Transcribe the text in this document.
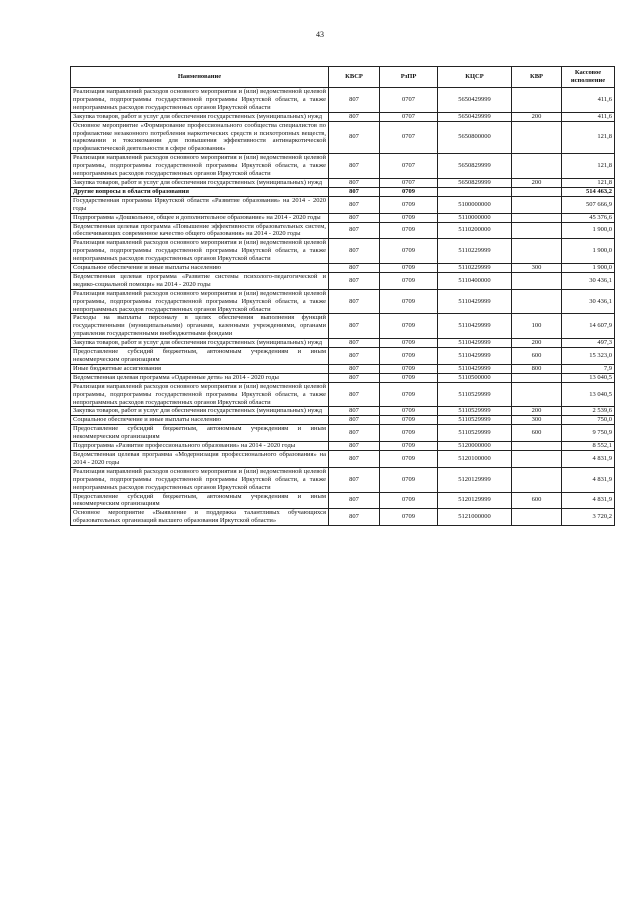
43
Наименование	КВСР	РзПР	КЦСР	КВР	Кассовое исполнение
Реализация направлений расходов основного мероприятия и (или) ведомственной целевой программы, подпрограммы государственной программы Иркутской области, а также непрограммных расходов государственных органов Иркутской области	807	0707	5650429999		411,6
Закупка товаров, работ и услуг для обеспечения государственных (муниципальных) нужд	807	0707	5650429999	200	411,6
Основное мероприятие «Формирование профессионального сообщества специалистов по профилактике незаконного потребления наркотических средств и психотропных веществ, наркомании и токсикомании для повышения эффективности антинаркотической профилактической деятельности в сфере образования»	807	0707	5650800000		121,8
Реализация направлений расходов основного мероприятия и (или) ведомственной целевой программы, подпрограммы государственной программы Иркутской области, а также непрограммных расходов государственных органов Иркутской области	807	0707	5650829999		121,8
Закупка товаров, работ и услуг для обеспечения государственных (муниципальных) нужд	807	0707	5650829999	200	121,8
Другие вопросы в области образования	807	0709			514 463,2
Государственная программа Иркутской области «Развитие образования» на 2014 - 2020 годы	807	0709	5100000000		507 666,9
Подпрограмма «Дошкольное, общее и дополнительное образование» на 2014 - 2020 годы	807	0709	5110000000		45 376,6
Ведомственная целевая программа «Повышение эффективности образовательных систем, обеспечивающих современное качество общего образования» на 2014 - 2020 годы	807	0709	5110200000		1 900,0
Реализация направлений расходов основного мероприятия и (или) ведомственной целевой программы, подпрограммы государственной программы Иркутской области, а также непрограммных расходов государственных органов Иркутской области	807	0709	5110229999		1 900,0
Социальное обеспечение и иные выплаты населению	807	0709	5110229999	300	1 900,0
Ведомственная целевая программа «Развитие системы психолого-педагогической и медико-социальной помощи» на 2014 - 2020 годы	807	0709	5110400000		30 436,1
Реализация направлений расходов основного мероприятия и (или) ведомственной целевой программы, подпрограммы государственной программы Иркутской области, а также непрограммных расходов государственных органов Иркутской области	807	0709	5110429999		30 436,1
Расходы на выплаты персоналу в целях обеспечения выполнения функций государственными (муниципальными) органами, казенными учреждениями, органами управления государственными внебюджетными фондами	807	0709	5110429999	100	14 607,9
Закупка товаров, работ и услуг для обеспечения государственных (муниципальных) нужд	807	0709	5110429999	200	497,3
Предоставление субсидий бюджетным, автономным учреждениям и иным некоммерческим организациям	807	0709	5110429999	600	15 323,0
Иные бюджетные ассигнования	807	0709	5110429999	800	7,9
Ведомственная целевая программа «Одаренные дети» на 2014 - 2020 годы	807	0709	5110500000		13 040,5
Реализация направлений расходов основного мероприятия и (или) ведомственной целевой программы, подпрограммы государственной программы Иркутской области, а также непрограммных расходов государственных органов Иркутской области	807	0709	5110529999		13 040,5
Закупка товаров, работ и услуг для обеспечения государственных (муниципальных) нужд	807	0709	5110529999	200	2 539,6
Социальное обеспечение и иные выплаты населению	807	0709	5110529999	300	750,0
Предоставление субсидий бюджетным, автономным учреждениям и иным некоммерческим организациям	807	0709	5110529999	600	9 750,9
Подпрограмма «Развитие профессионального образования» на 2014 - 2020 годы	807	0709	5120000000		8 552,1
Ведомственная целевая программа «Модернизация профессионального образования» на 2014 - 2020 годы	807	0709	5120100000		4 831,9
Реализация направлений расходов основного мероприятия и (или) ведомственной целевой программы, подпрограммы государственной программы Иркутской области, а также непрограммных расходов государственных органов Иркутской области	807	0709	5120129999		4 831,9
Предоставление субсидий бюджетным, автономным учреждениям и иным некоммерческим организациям	807	0709	5120129999	600	4 831,9
Основное мероприятие «Выявление и поддержка талантливых обучающихся образовательных организаций высшего образования Иркутской области»	807	0709	5121000000		3 720,2
